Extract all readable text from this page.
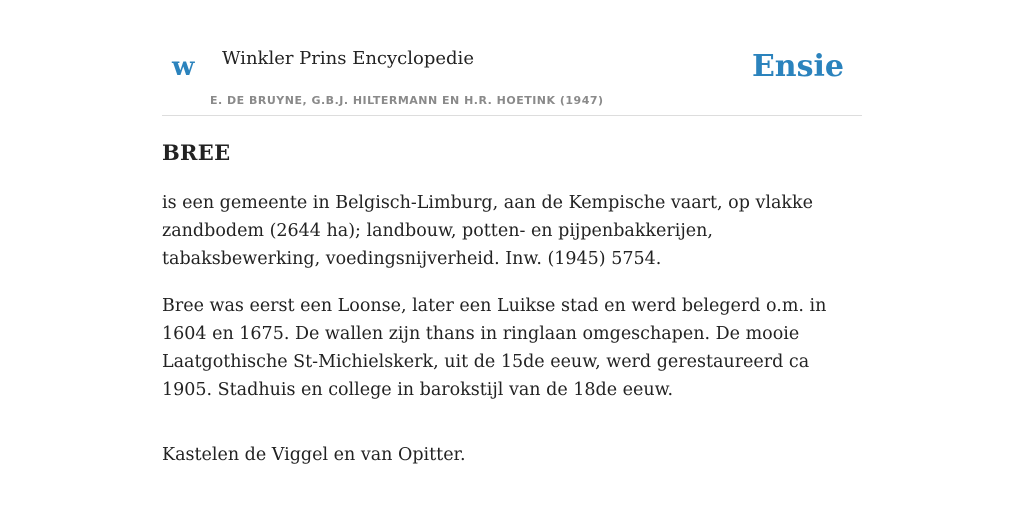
w Winkler Prins Encyclopedie
E. DE BRUYNE, G.B.J. HILTERMANN EN H.R. HOETINK (1947)
Ensie
BREE

is een gemeente in Belgisch-Limburg, aan de Kempische vaart, op vlakke zandbodem (2644 ha); landbouw, potten- en pijpenbakkerijen, tabaksbewerking, voedingsnijverheid. Inw. (1945) 5754.

Bree was eerst een Loonse, later een Luikse stad en werd belegerd o.m. in 1604 en 1675. De wallen zijn thans in ringlaan omgeschapen. De mooie Laatgothische St-Michielskerk, uit de 15de eeuw, werd gerestaureerd ca 1905. Stadhuis en college in barokstijl van de 18de eeuw.

Kastelen de Viggel en van Opitter.
